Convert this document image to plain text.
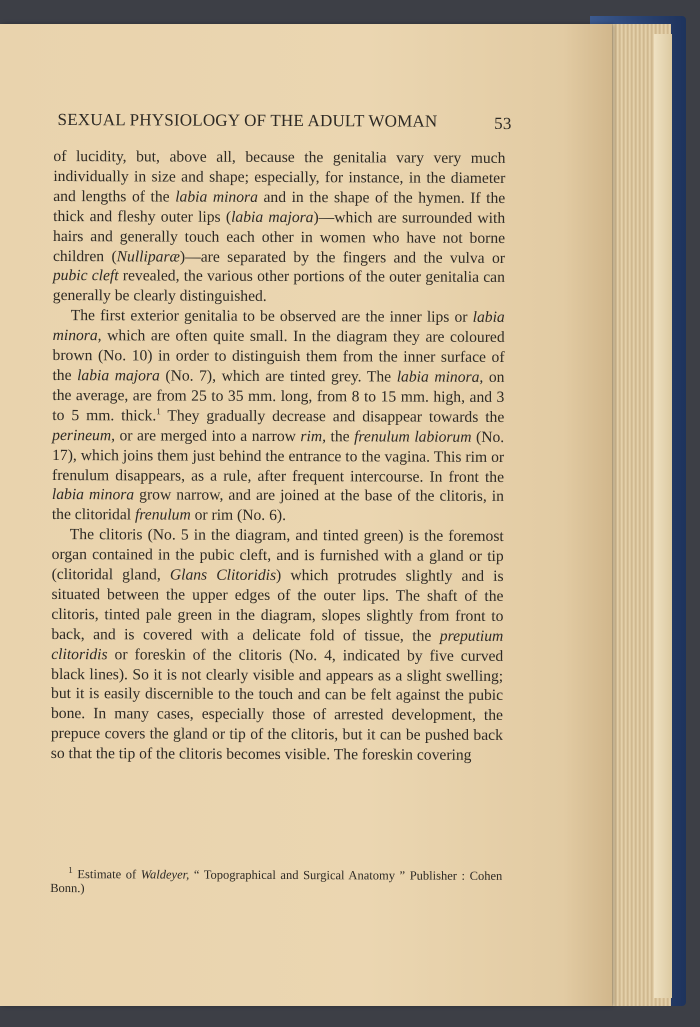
SEXUAL PHYSIOLOGY OF THE ADULT WOMAN	53

of lucidity, but, above all, because the genitalia vary very much individually in size and shape; especially, for instance, in the diameter and lengths of the labia minora and in the shape of the hymen. If the thick and fleshy outer lips (labia majora)—which are surrounded with hairs and generally touch each other in women who have not borne children (Nulliparæ)—are separated by the fingers and the vulva or pubic cleft revealed, the various other portions of the outer genitalia can generally be clearly distinguished.

The first exterior genitalia to be observed are the inner lips or labia minora, which are often quite small. In the diagram they are coloured brown (No. 10) in order to distinguish them from the inner surface of the labia majora (No. 7), which are tinted grey. The labia minora, on the average, are from 25 to 35 mm. long, from 8 to 15 mm. high, and 3 to 5 mm. thick.$^1$ They gradually decrease and disappear towards the perineum, or are merged into a narrow rim, the frenulum labiorum (No. 17), which joins them just behind the entrance to the vagina. This rim or frenulum disappears, as a rule, after frequent intercourse. In front the labia minora grow narrow, and are joined at the base of the clitoris, in the clitoridal frenulum or rim (No. 6).

The clitoris (No. 5 in the diagram, and tinted green) is the foremost organ contained in the pubic cleft, and is furnished with a gland or tip (clitoridal gland, Glans Clitoridis) which protrudes slightly and is situated between the upper edges of the outer lips. The shaft of the clitoris, tinted pale green in the diagram, slopes slightly from front to back, and is covered with a delicate fold of tissue, the preputium clitoridis or foreskin of the clitoris (No. 4, indicated by five curved black lines). So it is not clearly visible and appears as a slight swelling; but it is easily discernible to the touch and can be felt against the pubic bone. In many cases, especially those of arrested development, the prepuce covers the gland or tip of the clitoris, but it can be pushed back so that the tip of the clitoris becomes visible. The foreskin covering

$^1$ Estimate of Waldeyer, “ Topographical and Surgical Anatomy ” Publisher : Cohen Bonn.)
